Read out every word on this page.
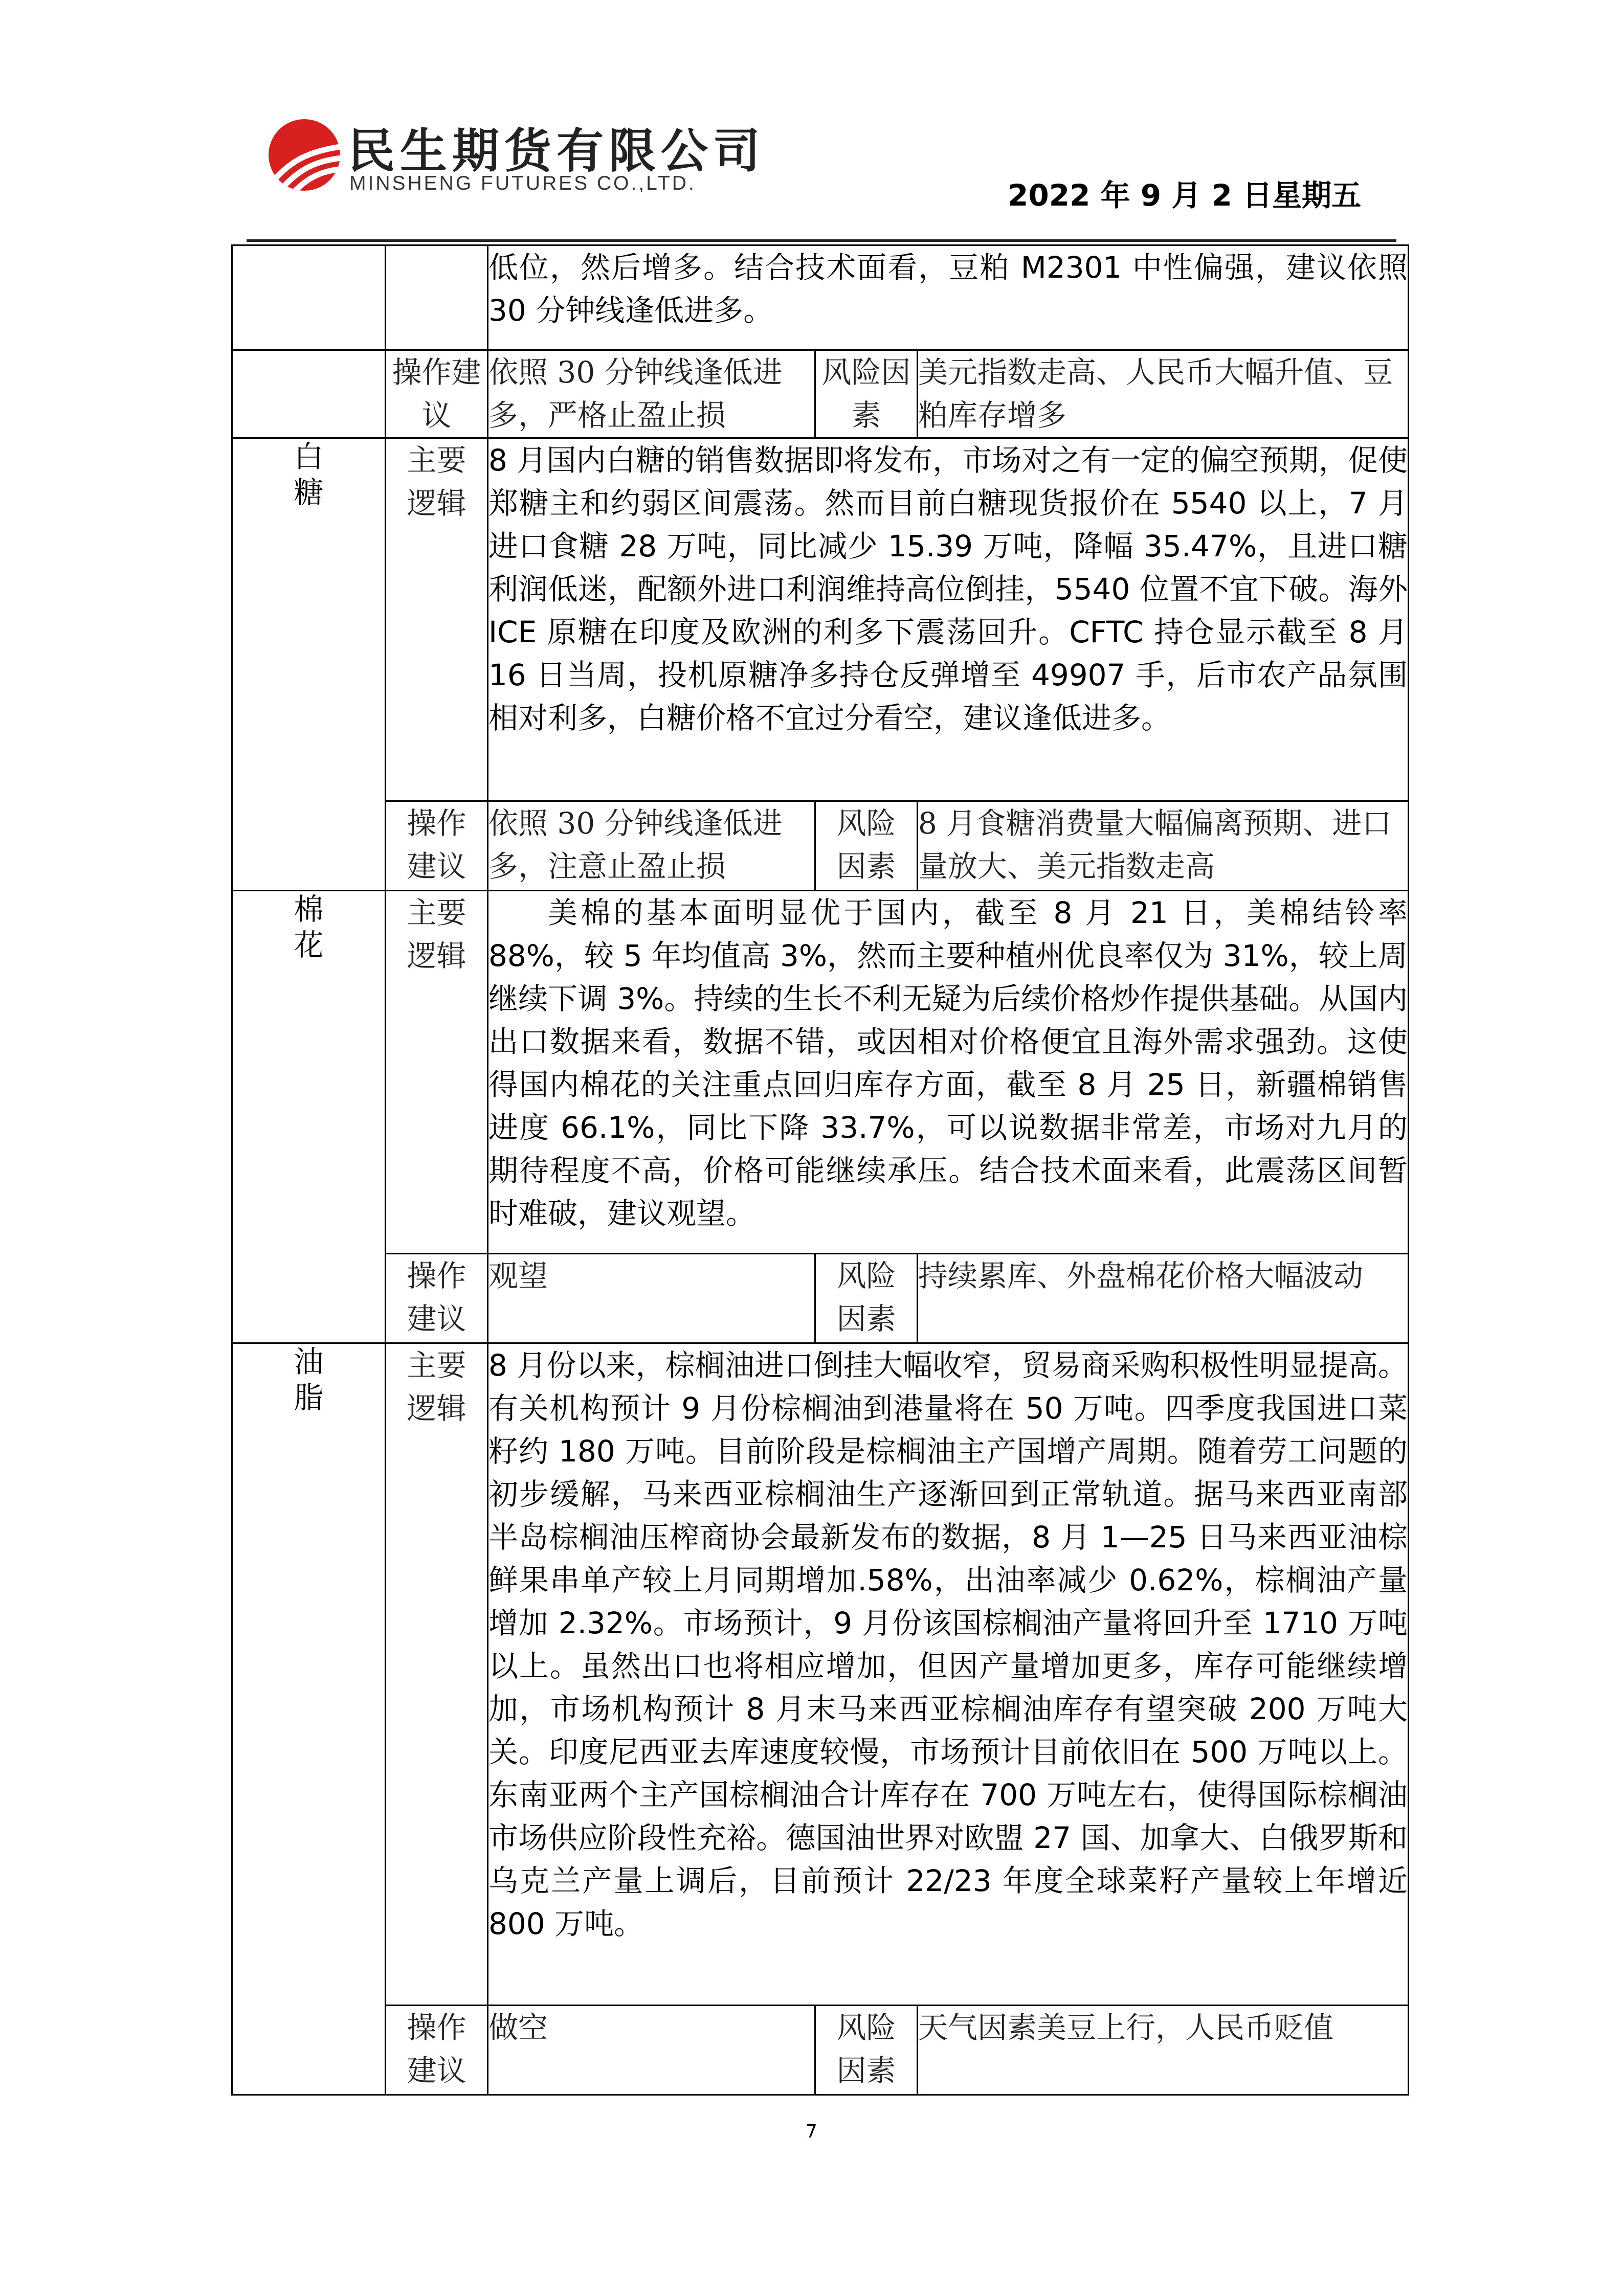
民生期货有限公司
MINSHENG FUTURES CO.,LTD.	2022 年 9 月 2 日星期五
		低位，然后增多。结合技术面看，豆粕 M2301 中性偏强，建议依照 30 分钟线逢低进多。		
	操作建议	依照 30 分钟线逢低进多，严格止盈止损	风险因素	美元指数走高、人民币大幅升值、豆粕库存增多
白糖	主要逻辑	8 月国内白糖的销售数据即将发布，市场对之有一定的偏空预期，促使郑糖主和约弱区间震荡。然而目前白糖现货报价在 5540 以上，7 月进口食糖 28 万吨，同比减少 15.39 万吨，降幅 35.47%，且进口糖利润低迷，配额外进口利润维持高位倒挂，5540 位置不宜下破。海外 ICE 原糖在印度及欧洲的利多下震荡回升。CFTC 持仓显示截至 8 月 16 日当周，投机原糖净多持仓反弹增至 49907 手，后市农产品氛围相对利多，白糖价格不宜过分看空，建议逢低进多。		
	操作建议	依照 30 分钟线逢低进多，注意止盈止损	风险因素	8 月食糖消费量大幅偏离预期、进口量放大、美元指数走高
棉花	主要逻辑	美棉的基本面明显优于国内，截至 8 月 21 日，美棉结铃率 88%，较 5 年均值高 3%，然而主要种植州优良率仅为 31%，较上周继续下调 3%。持续的生长不利无疑为后续价格炒作提供基础。从国内出口数据来看，数据不错，或因相对价格便宜且海外需求强劲。这使得国内棉花的关注重点回归库存方面，截至 8 月 25 日，新疆棉销售进度 66.1%，同比下降 33.7%，可以说数据非常差，市场对九月的期待程度不高，价格可能继续承压。结合技术面来看，此震荡区间暂时难破，建议观望。		
	操作建议	观望	风险因素	持续累库、外盘棉花价格大幅波动
油脂	主要逻辑	8 月份以来，棕榈油进口倒挂大幅收窄，贸易商采购积极性明显提高。有关机构预计 9 月份棕榈油到港量将在 50 万吨。四季度我国进口菜籽约 180 万吨。目前阶段是棕榈油主产国增产周期。随着劳工问题的初步缓解，马来西亚棕榈油生产逐渐回到正常轨道。据马来西亚南部半岛棕榈油压榨商协会最新发布的数据，8 月 1—25 日马来西亚油棕鲜果串单产较上月同期增加.58%，出油率减少 0.62%，棕榈油产量增加 2.32%。市场预计，9 月份该国棕榈油产量将回升至 1710 万吨以上。虽然出口也将相应增加，但因产量增加更多，库存可能继续增加，市场机构预计 8 月末马来西亚棕榈油库存有望突破 200 万吨大关。印度尼西亚去库速度较慢，市场预计目前依旧在 500 万吨以上。东南亚两个主产国棕榈油合计库存在 700 万吨左右，使得国际棕榈油市场供应阶段性充裕。德国油世界对欧盟 27 国、加拿大、白俄罗斯和乌克兰产量上调后，目前预计 22/23 年度全球菜籽产量较上年增近 800 万吨。		
	操作建议	做空	风险因素	天气因素美豆上行，人民币贬值
7
